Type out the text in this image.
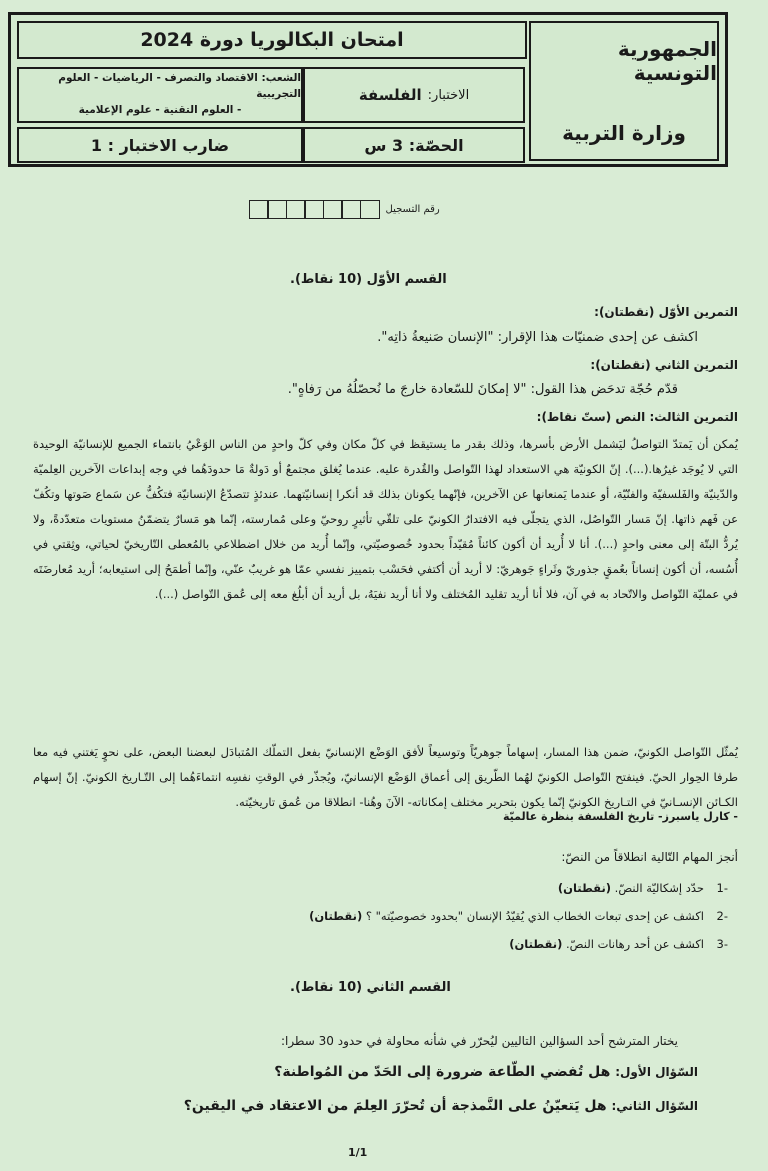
الجمهورية التونسية
وزارة التربية
امتحان البكالوريا دورة 2024
الاختبار:
الفلسفة
الشعب: الاقتصاد والتصرف - الرياضيات - العلوم التجريبية
- العلوم التقنية - علوم الإعلامية
الحصّة: 3 س
ضارب الاختبار : 1
رقم التسجيل
القسم الأوّل (10 نقاط).
التمرين الأوّل (نقطتان):
اكشف عن إحدى ضمنيّات هذا الإقرار: "الإنسان صَنيعةُ ذاتِه".
التمرين الثاني (نقطتان):
قدّم حُجّة تدحَض هذا القول: "لا إمكانَ للسّعادة خارجَ ما نُحصّلُهُ من رَفاهٍ".
التمرين الثالث: النص (ستّ نقاط):
يُمكن أن يَمتدّ التواصلُ ليَشمل الأرض بأسرها، وذلك بقدر ما يستيقظ في كلّ مكان وفي كلّ واحدٍ من الناس الوَعْيُ بانتماء الجميع للإنسانيّة الوحيدة التي لا يُوجَد غيرُها.(...). إنّ الكونيّة هي الاستعداد لهذا التّواصل والقُدرة عليه. عندما يُغلق مجتمعٌ أو دَولةٌ مَا حدودَهُما في وجه إبداعات الآخرين العِلميّة والدّينيّة والفَلسفيّة والفنّيّة، أو عندما يَمنعانها عن الآخرين، فإنّهما يكونان بذلك قد أنكرا إنسانيّتهما. عندئذٍ تتصدّعُ الإنسانيّة فتكُفُّ عن سَماع صَوتها وتكُفّ عن فَهم ذاتها. إنّ مَسار التّواصُل، الذي يتجلّى فيه الافتدارُ الكونيّ على تلقّي تأثيرٍ روحيّ وعلى مُمارسته، إنّما هو مَسارٌ يتضمّنُ مستويات متعدّدةً، ولا يُردُّ البتّة إلى معنى واحدٍ (...). أنا لا أُريد أن أكون كائناً مُقيّداً بحدود خُصوصيّتي، وإنّما أُريد من خلال اضطلاعي بالمُعطى التّاريخيّ لحياتي، وثِقتي في أُسُسه، أن أكون إنساناً بعُمقٍ جذوريّ وثَراءٍ جَوهريّ: لا أريد أن أكتفي فحَسْب بتمييز نفسي عمّا هو غريبٌ عنّي، وإنّما أطمَحُ إلى استيعابه؛ أريد مُعارضَتَه في عمليّة التّواصل والاتّحاد به في آن، فلا أنا أريد تقليد المُختلف ولا أنا أريد نفيَهُ، بل أريد أن أبلُغ معه إلى عُمق التّواصل (...).
يُمثّل التّواصل الكونيّ، ضمن هذا المسار، إسهاماً جوهريّاً وتوسيعاً لأفق الوَضْع الإنسانيّ بفعل التملّك المُتبادَل لبعضنا البعض، على نحوٍ يَغتني فيه معا طرفا الحِوار الحيّ. فينفتح التّواصل الكونيّ لهُما الطّريق إلى أعماق الوَضْع الإنسانيّ، ويُجذّر في الوقتِ نفسِه انتماءَهُما إلى التّـاريخ الكونيّ. إنّ إسهام الكـائن الإنسـانيّ في التـاريخ الكونيّ إنّما يكون بتحرير مختلف إمكاناته- الآنَ وهُنا- انطلاقا من عُمق تاريخيّته.
- كارل ياسبرز- تاريخ الفلسفة بنظرة عالميّة
أنجز المهام التّالية انطلاقاً من النصّ:
-1
حدّد إشكاليّة النصّ.

(نقطتان)
-2
اكشف عن إحدى تبعات الخطاب الذي يُقيّدُ الإنسان "بحدود خصوصيّته" ؟

(نقطتان)
-3
اكشف عن أحد رهانات النصّ.

(نقطتان)
القسم الثاني (10 نقاط).
يختار المترشح أحد السؤالين التاليين ليُحرّر في شأنه محاولة في حدود 30 سطرا:
السّؤال الأول: هل تُفضي الطّاعة ضرورة إلى الحَدّ من المُواطنة؟
السّؤال الثاني: هل يَتعيّنُ على النَّمذجة أن تُحرّرَ العِلمَ من الاعتقاد في اليقين؟
1/1
